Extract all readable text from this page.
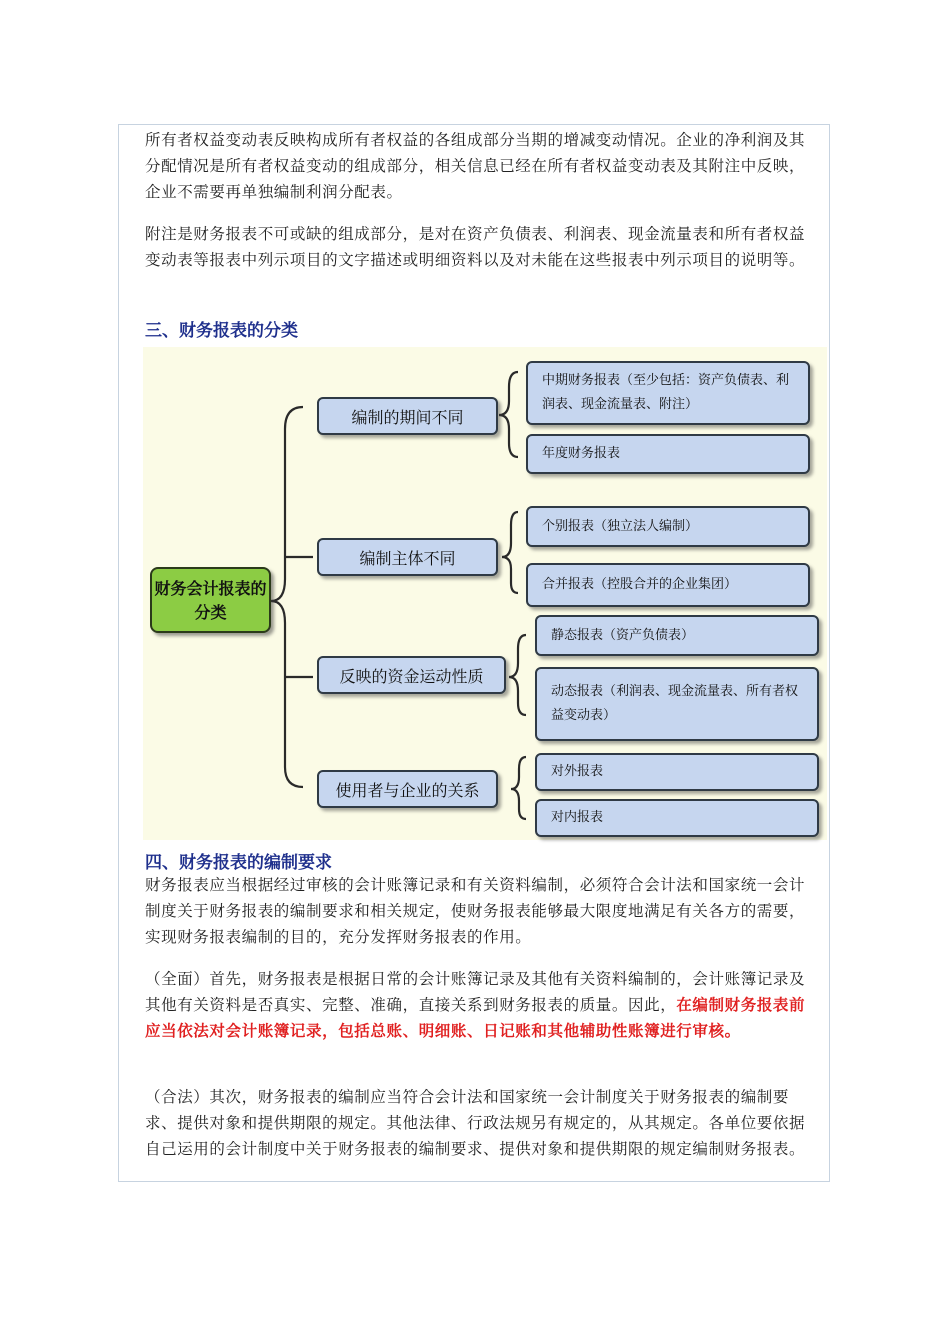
所有者权益变动表反映构成所有者权益的各组成部分当期的增减变动情况。企业的净利润及其分配情况是所有者权益变动的组成部分，相关信息已经在所有者权益变动表及其附注中反映，企业不需要再单独编制利润分配表。

附注是财务报表不可或缺的组成部分，是对在资产负债表、利润表、现金流量表和所有者权益变动表等报表中列示项目的文字描述或明细资料以及对未能在这些报表中列示项目的说明等。

三、财务报表的分类
财务会计报表的分类
编制的期间不同
编制主体不同
反映的资金运动性质
使用者与企业的关系
中期财务报表（至少包括：资产负债表、利润表、现金流量表、附注）
年度财务报表
个别报表（独立法人编制）
合并报表（控股合并的企业集团）
静态报表（资产负债表）
动态报表（利润表、现金流量表、所有者权益变动表）
对外报表
对内报表
四、财务报表的编制要求

财务报表应当根据经过审核的会计账簿记录和有关资料编制，必须符合会计法和国家统一会计制度关于财务报表的编制要求和相关规定，使财务报表能够最大限度地满足有关各方的需要，实现财务报表编制的目的，充分发挥财务报表的作用。

（全面）首先，财务报表是根据日常的会计账簿记录及其他有关资料编制的，会计账簿记录及其他有关资料是否真实、完整、准确，直接关系到财务报表的质量。因此，在编制财务报表前应当依法对会计账簿记录，包括总账、明细账、日记账和其他辅助性账簿进行审核。

（合法）其次，财务报表的编制应当符合会计法和国家统一会计制度关于财务报表的编制要求、提供对象和提供期限的规定。其他法律、行政法规另有规定的，从其规定。各单位要依据自己运用的会计制度中关于财务报表的编制要求、提供对象和提供期限的规定编制财务报表。
